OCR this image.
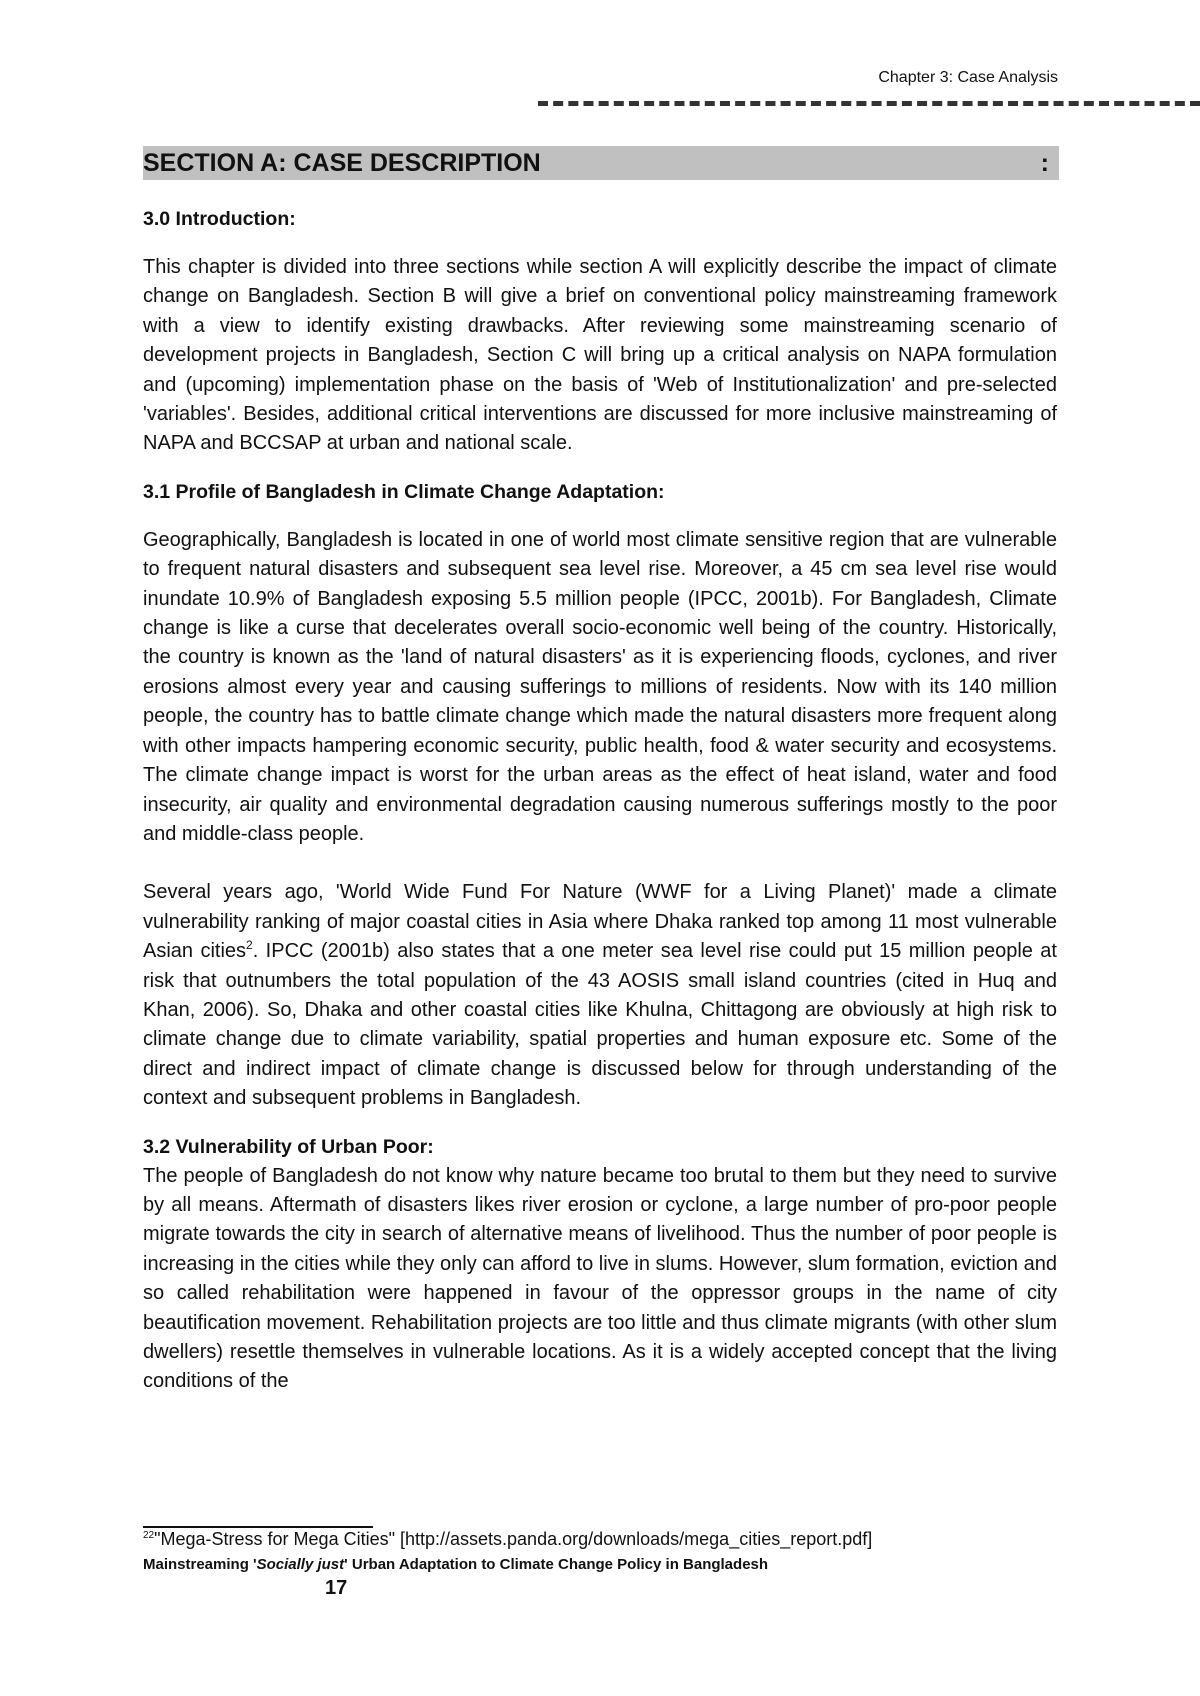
Chapter 3: Case Analysis
SECTION A: CASE DESCRIPTION	:
3.0 Introduction:

This chapter is divided into three sections while section A will explicitly describe the impact of climate change on Bangladesh. Section B will give a brief on conventional policy mainstreaming framework with a view to identify existing drawbacks. After reviewing some mainstreaming scenario of development projects in Bangladesh, Section C will bring up a critical analysis on NAPA formulation and (upcoming) implementation phase on the basis of 'Web of Institutionalization' and pre-selected 'variables'. Besides, additional critical interventions are discussed for more inclusive mainstreaming of NAPA and BCCSAP at urban and national scale.

3.1 Profile of Bangladesh in Climate Change Adaptation:

Geographically, Bangladesh is located in one of world most climate sensitive region that are vulnerable to frequent natural disasters and subsequent sea level rise. Moreover, a 45 cm sea level rise would inundate 10.9% of Bangladesh exposing 5.5 million people (IPCC, 2001b). For Bangladesh, Climate change is like a curse that decelerates overall socio-economic well being of the country. Historically, the country is known as the 'land of natural disasters' as it is experiencing floods, cyclones, and river erosions almost every year and causing sufferings to millions of residents. Now with its 140 million people, the country has to battle climate change which made the natural disasters more frequent along with other impacts hampering economic security, public health, food & water security and ecosystems. The climate change impact is worst for the urban areas as the effect of heat island, water and food insecurity, air quality and environmental degradation causing numerous sufferings mostly to the poor and middle-class people.

Several years ago, 'World Wide Fund For Nature (WWF for a Living Planet)' made a climate vulnerability ranking of major coastal cities in Asia where Dhaka ranked top among 11 most vulnerable Asian cities$^2$. IPCC (2001b) also states that a one meter sea level rise could put 15 million people at risk that outnumbers the total population of the 43 AOSIS small island countries (cited in Huq and Khan, 2006). So, Dhaka and other coastal cities like Khulna, Chittagong are obviously at high risk to climate change due to climate variability, spatial properties and human exposure etc. Some of the direct and indirect impact of climate change is discussed below for through understanding of the context and subsequent problems in Bangladesh.

3.2 Vulnerability of Urban Poor:

The people of Bangladesh do not know why nature became too brutal to them but they need to survive by all means. Aftermath of disasters likes river erosion or cyclone, a large number of pro-poor people migrate towards the city in search of alternative means of livelihood. Thus the number of poor people is increasing in the cities while they only can afford to live in slums. However, slum formation, eviction and so called rehabilitation were happened in favour of the oppressor groups in the name of city beautification movement. Rehabilitation projects are too little and thus climate migrants (with other slum dwellers) resettle themselves in vulnerable locations. As it is a widely accepted concept that the living conditions of the

$^{22}$"Mega-Stress for Mega Cities" [http://assets.panda.org/downloads/mega_cities_report.pdf]
Mainstreaming 'Socially just' Urban Adaptation to Climate Change Policy in Bangladesh
17
